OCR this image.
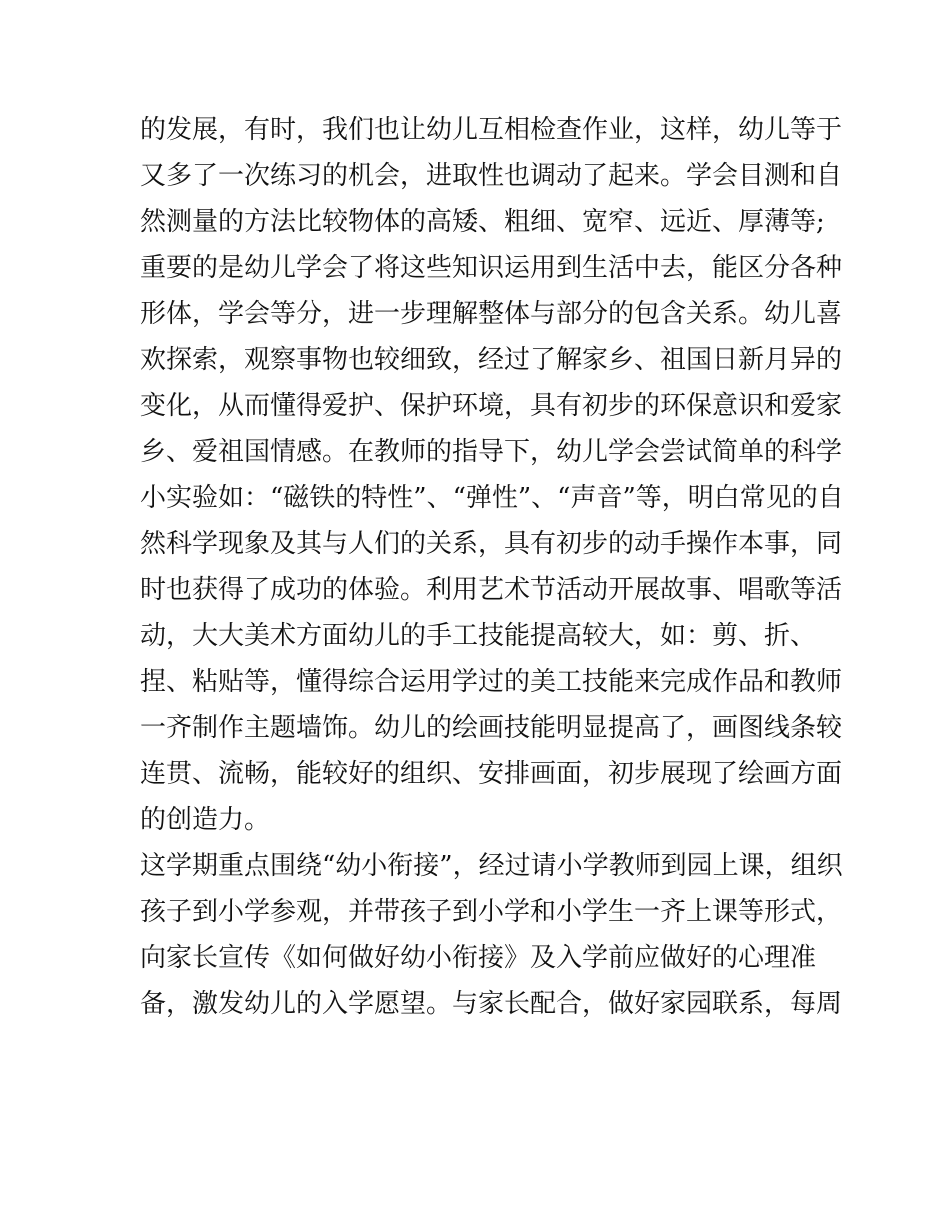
的发展，有时，我们也让幼儿互相检查作业，这样，幼儿等于
又多了一次练习的机会，进取性也调动了起来。学会目测和自
然测量的方法比较物体的高矮、粗细、宽窄、远近、厚薄等;
重要的是幼儿学会了将这些知识运用到生活中去，能区分各种
形体，学会等分，进一步理解整体与部分的包含关系。幼儿喜
欢探索，观察事物也较细致，经过了解家乡、祖国日新月异的
变化，从而懂得爱护、保护环境，具有初步的环保意识和爱家
乡、爱祖国情感。在教师的指导下，幼儿学会尝试简单的科学
小实验如：“磁铁的特性”、“弹性”、“声音”等，明白常见的自
然科学现象及其与人们的关系，具有初步的动手操作本事，同
时也获得了成功的体验。利用艺术节活动开展故事、唱歌等活
动，大大美术方面幼儿的手工技能提高较大，如：剪、折、
捏、粘贴等，懂得综合运用学过的美工技能来完成作品和教师
一齐制作主题墙饰。幼儿的绘画技能明显提高了，画图线条较
连贯、流畅，能较好的组织、安排画面，初步展现了绘画方面
的创造力。
这学期重点围绕“幼小衔接”，经过请小学教师到园上课，组织
孩子到小学参观，并带孩子到小学和小学生一齐上课等形式，
向家长宣传《如何做好幼小衔接》及入学前应做好的心理准
备，激发幼儿的入学愿望。与家长配合，做好家园联系，每周
